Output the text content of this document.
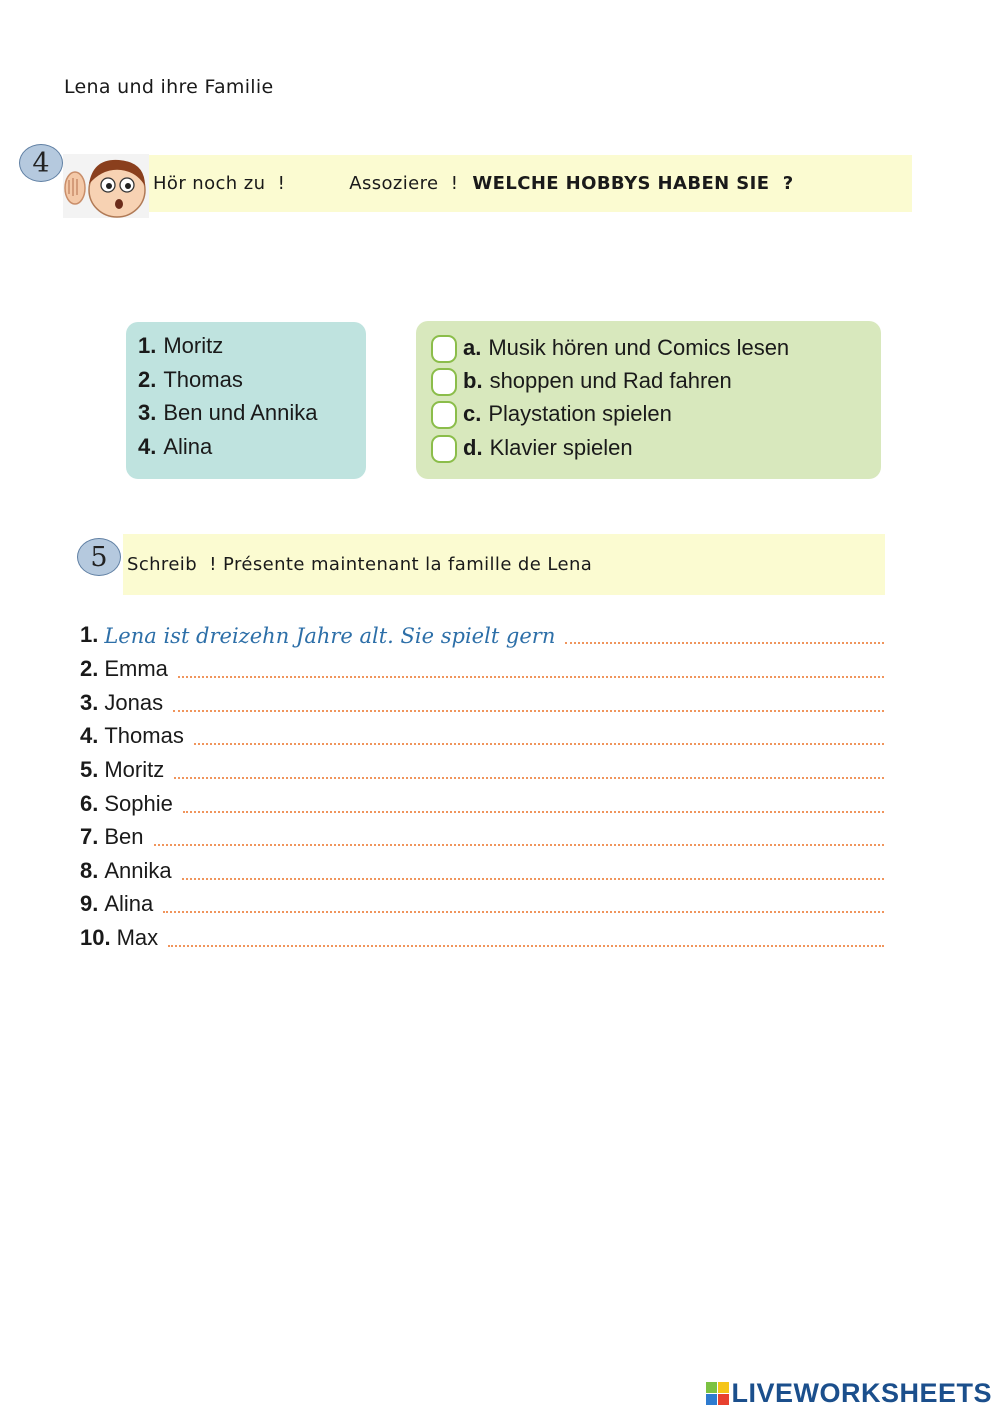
Lena und ihre Familie
4
Hör noch zu  !	Assoziere  ! WELCHE HOBBYS HABEN SIE  ?
1. Moritz
2. Thomas
3. Ben und Annika
4. Alina
a. Musik hören und Comics lesen
b. shoppen und Rad fahren
c. Playstation spielen
d. Klavier spielen
5	Schreib  ! Présente maintenant la famille de Lena
1. Lena ist dreizehn Jahre alt. Sie spielt gern
2. Emma
3. Jonas
4. Thomas
5. Moritz
6. Sophie
7. Ben
8. Annika
9. Alina
10. Max
LIVEWORKSHEETS
